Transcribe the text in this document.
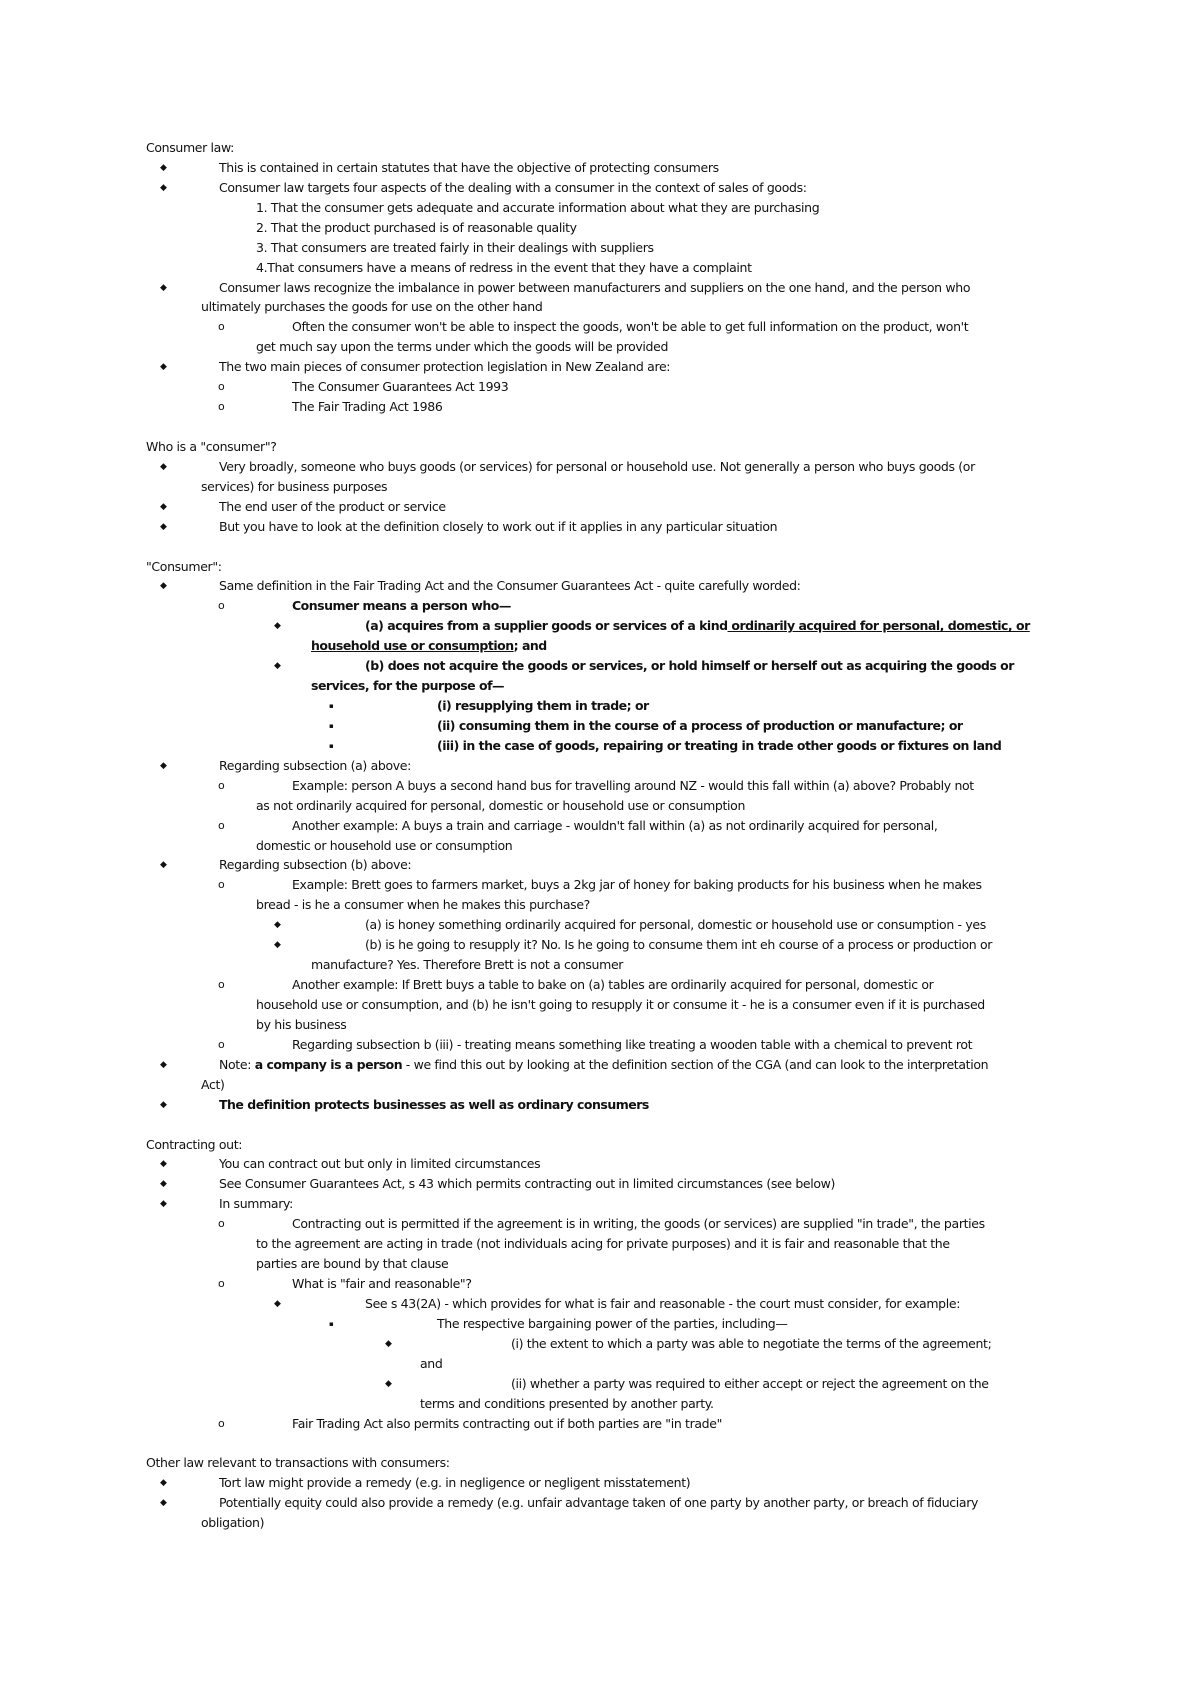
Consumer law:
◆	This is contained in certain statutes that have the objective of protecting consumers
◆	Consumer law targets four aspects of the dealing with a consumer in the context of sales of goods:
1. That the consumer gets adequate and accurate information about what they are purchasing
2. That the product purchased is of reasonable quality
3. That consumers are treated fairly in their dealings with suppliers
4.That consumers have a means of redress in the event that they have a complaint
◆	Consumer laws recognize the imbalance in power between manufacturers and suppliers on the one hand, and the person who
ultimately purchases the goods for use on the other hand
o	Often the consumer won't be able to inspect the goods, won't be able to get full information on the product, won't
get much say upon the terms under which the goods will be provided
◆	The two main pieces of consumer protection legislation in New Zealand are:
o	The Consumer Guarantees Act 1993
o	The Fair Trading Act 1986
Who is a "consumer"?
◆	Very broadly, someone who buys goods (or services) for personal or household use. Not generally a person who buys goods (or
services) for business purposes
◆	The end user of the product or service
◆	But you have to look at the definition closely to work out if it applies in any particular situation
"Consumer":
◆	Same definition in the Fair Trading Act and the Consumer Guarantees Act - quite carefully worded:
o	Consumer means a person who—
◆	(a) acquires from a supplier goods or services of a kind ordinarily acquired for personal, domestic, or
household use or consumption; and
◆	(b) does not acquire the goods or services, or hold himself or herself out as acquiring the goods or
services, for the purpose of—
▪	(i) resupplying them in trade; or
▪	(ii) consuming them in the course of a process of production or manufacture; or
▪	(iii) in the case of goods, repairing or treating in trade other goods or fixtures on land
◆	Regarding subsection (a) above:
o	Example: person A buys a second hand bus for travelling around NZ - would this fall within (a) above? Probably not
as not ordinarily acquired for personal, domestic or household use or consumption
o	Another example: A buys a train and carriage - wouldn't fall within (a) as not ordinarily acquired for personal,
domestic or household use or consumption
◆	Regarding subsection (b) above:
o	Example: Brett goes to farmers market, buys a 2kg jar of honey for baking products for his business when he makes
bread - is he a consumer when he makes this purchase?
◆	(a) is honey something ordinarily acquired for personal, domestic or household use or consumption - yes
◆	(b) is he going to resupply it? No. Is he going to consume them int eh course of a process or production or
manufacture? Yes. Therefore Brett is not a consumer
o	Another example: If Brett buys a table to bake on (a) tables are ordinarily acquired for personal, domestic or
household use or consumption, and (b) he isn't going to resupply it or consume it - he is a consumer even if it is purchased
by his business
o	Regarding subsection b (iii) - treating means something like treating a wooden table with a chemical to prevent rot
◆	Note: a company is a person - we find this out by looking at the definition section of the CGA (and can look to the interpretation
Act)
◆	The definition protects businesses as well as ordinary consumers
Contracting out:
◆	You can contract out but only in limited circumstances
◆	See Consumer Guarantees Act, s 43 which permits contracting out in limited circumstances (see below)
◆	In summary:
o	Contracting out is permitted if the agreement is in writing, the goods (or services) are supplied "in trade", the parties
to the agreement are acting in trade (not individuals acing for private purposes) and it is fair and reasonable that the
parties are bound by that clause
o	What is "fair and reasonable"?
◆	See s 43(2A) - which provides for what is fair and reasonable - the court must consider, for example:
▪	The respective bargaining power of the parties, including—
◆	(i) the extent to which a party was able to negotiate the terms of the agreement;
and
◆	(ii) whether a party was required to either accept or reject the agreement on the
terms and conditions presented by another party.
o	Fair Trading Act also permits contracting out if both parties are "in trade"
Other law relevant to transactions with consumers:
◆	Tort law might provide a remedy (e.g. in negligence or negligent misstatement)
◆	Potentially equity could also provide a remedy (e.g. unfair advantage taken of one party by another party, or breach of fiduciary
obligation)
